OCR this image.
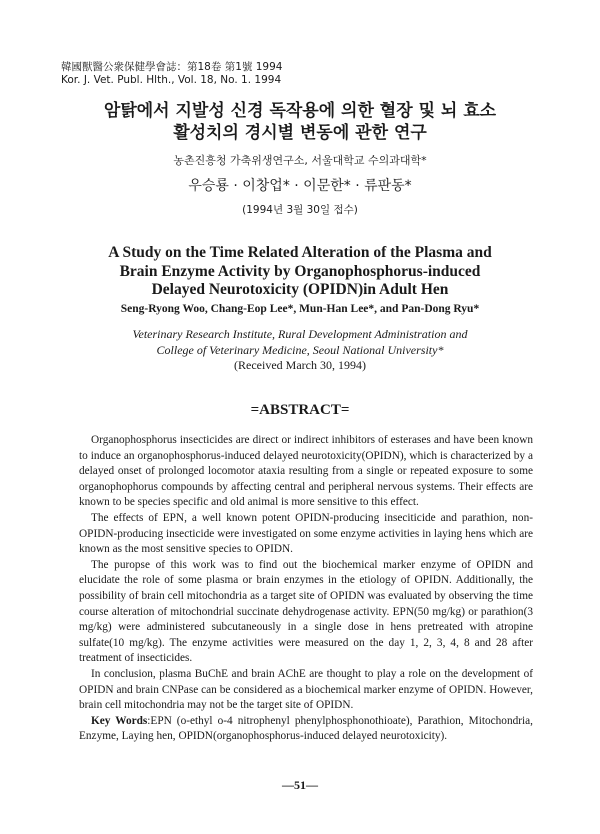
韓國獸醫公衆保健學會誌：第18卷 第1號 1994
Kor. J. Vet. Publ. Hlth., Vol. 18, No. 1. 1994
암탉에서 지발성 신경 독작용에 의한 혈장 및 뇌 효소
활성치의 경시별 변동에 관한 연구
농촌진흥청 가축위생연구소, 서울대학교 수의과대학*
우승룡 · 이창업* · 이문한* · 류판동*
(1994년 3월 30일 접수)
A Study on the Time Related Alteration of the Plasma and
Brain Enzyme Activity by Organophosphorus-induced
Delayed Neurotoxicity (OPIDN)in Adult Hen
Seng-Ryong Woo, Chang-Eop Lee*, Mun-Han Lee*, and Pan-Dong Ryu*
Veterinary Research Institute, Rural Development Administration and
College of Veterinary Medicine, Seoul National University*
(Received March 30, 1994)
=ABSTRACT=

Organophosphorus insecticides are direct or indirect inhibitors of esterases and have been known to induce an organophosphorus-induced delayed neurotoxicity(OPIDN), which is characterized by a delayed onset of prolonged locomotor ataxia resulting from a single or repeated exposure to some organophophorus compounds by affecting central and peripheral nervous systems. Their effects are known to be species specific and old animal is more sensitive to this effect.

The effects of EPN, a well known potent OPIDN-producing inseciticide and parathion, non-OPIDN-producing insecticide were investigated on some enzyme activities in laying hens which are known as the most sensitive species to OPIDN.

The puropse of this work was to find out the biochemical marker enzyme of OPIDN and elucidate the role of some plasma or brain enzymes in the etiology of OPIDN. Additionally, the possibility of brain cell mitochondria as a target site of OPIDN was evaluated by observing the time course alteration of mitochondrial succinate dehydrogenase activity. EPN(50 mg/kg) or parathion(3 mg/kg) were administered subcutaneously in a single dose in hens pretreated with atropine sulfate(10 mg/kg). The enzyme activities were measured on the day 1, 2, 3, 4, 8 and 28 after treatment of insecticides.

In conclusion, plasma BuChE and brain AChE are thought to play a role on the development of OPIDN and brain CNPase can be considered as a biochemical marker enzyme of OPIDN. However, brain cell mitochondria may not be the target site of OPIDN.

Key Words:EPN (o-ethyl o-4 nitrophenyl phenylphosphonothioate), Parathion, Mitochondria, Enzyme, Laying hen, OPIDN(organophosphorus-induced delayed neurotoxicity).

—51—
